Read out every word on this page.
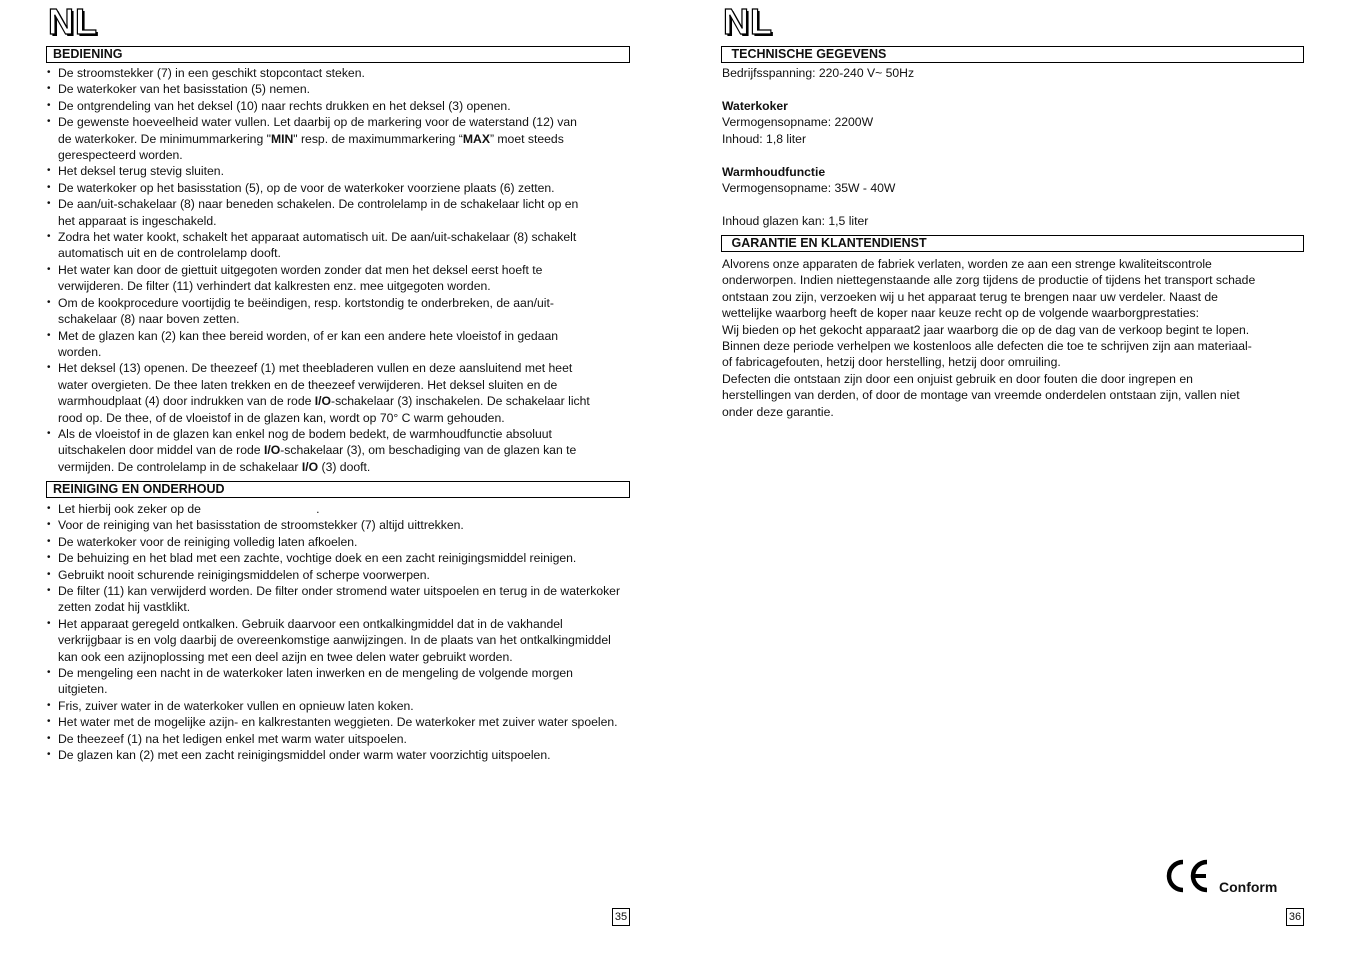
NL
BEDIENING
• De stroomstekker (7) in een geschikt stopcontact steken.
• De waterkoker van het basisstation (5) nemen.
• De ontgrendeling van het deksel (10) naar rechts drukken en het deksel (3) openen.
• De gewenste hoeveelheid water vullen. Let daarbij op de markering voor de waterstand (12) van
de waterkoker. De minimummarkering "MIN" resp. de maximummarkering “MAX” moet steeds
gerespecteerd worden.
• Het deksel terug stevig sluiten.
• De waterkoker op het basisstation (5), op de voor de waterkoker voorziene plaats (6) zetten.
• De aan/uit-schakelaar (8) naar beneden schakelen. De controlelamp in de schakelaar licht op en
het apparaat is ingeschakeld.
• Zodra het water kookt, schakelt het apparaat automatisch uit. De aan/uit-schakelaar (8) schakelt
automatisch uit en de controlelamp dooft.
• Het water kan door de giettuit uitgegoten worden zonder dat men het deksel eerst hoeft te
verwijderen. De filter (11) verhindert dat kalkresten enz. mee uitgegoten worden.
• Om de kookprocedure voortijdig te beëindigen, resp. kortstondig te onderbreken, de aan/uit-
schakelaar (8) naar boven zetten.
• Met de glazen kan (2) kan thee bereid worden, of er kan een andere hete vloeistof in gedaan
worden.
• Het deksel (13) openen. De theezeef (1) met theebladeren vullen en deze aansluitend met heet
water overgieten. De thee laten trekken en de theezeef verwijderen. Het deksel sluiten en de
warmhoudplaat (4) door indrukken van de rode I/O-schakelaar (3) inschakelen. De schakelaar licht
rood op. De thee, of de vloeistof in de glazen kan, wordt op 70° C warm gehouden.
• Als de vloeistof in de glazen kan enkel nog de bodem bedekt, de warmhoudfunctie absoluut
uitschakelen door middel van de rode I/O-schakelaar (3), om beschadiging van de glazen kan te
vermijden. De controlelamp in de schakelaar I/O (3) dooft.
REINIGING EN ONDERHOUD
• Let hierbij ook zeker op de                                  .
• Voor de reiniging van het basisstation de stroomstekker (7) altijd uittrekken.
• De waterkoker voor de reiniging volledig laten afkoelen.
• De behuizing en het blad met een zachte, vochtige doek en een zacht reinigingsmiddel reinigen.
• Gebruikt nooit schurende reinigingsmiddelen of scherpe voorwerpen.
• De filter (11) kan verwijderd worden. De filter onder stromend water uitspoelen en terug in de waterkoker zetten zodat hij vastklikt.
• Het apparaat geregeld ontkalken. Gebruik daarvoor een ontkalkingmiddel dat in de vakhandel verkrijgbaar is en volg daarbij de overeenkomstige aanwijzingen. In de plaats van het ontkalkingmiddel kan ook een azijnoplossing met een deel azijn en twee delen water gebruikt worden.
• De mengeling een nacht in de waterkoker laten inwerken en de mengeling de volgende morgen uitgieten.
• Fris, zuiver water in de waterkoker vullen en opnieuw laten koken.
• Het water met de mogelijke azijn- en kalkrestanten weggieten. De waterkoker met zuiver water spoelen.
• De theezeef (1) na het ledigen enkel met warm water uitspoelen.
• De glazen kan (2) met een zacht reinigingsmiddel onder warm water voorzichtig uitspoelen.
35
NL
TECHNISCHE GEGEVENS
Bedrijfsspanning: 220-240 V~ 50Hz
Waterkoker
Vermogensopname: 2200W
Inhoud: 1,8 liter
Warmhoudfunctie
Vermogensopname: 35W - 40W
Inhoud glazen kan: 1,5 liter
GARANTIE EN KLANTENDIENST

Alvorens onze apparaten de fabriek verlaten, worden ze aan een strenge kwaliteitscontrole

onderworpen. Indien niettegenstaande alle zorg tijdens de productie of tijdens het transport schade

ontstaan zou zijn, verzoeken wij u het apparaat terug te brengen naar uw verdeler. Naast de

wettelijke waarborg heeft de koper naar keuze recht op de volgende waarborgprestaties:

Wij bieden op het gekocht apparaat2 jaar waarborg die op de dag van de verkoop begint te lopen.

Binnen deze periode verhelpen we kostenloos alle defecten die toe te schrijven zijn aan materiaal-

of fabricagefouten, hetzij door herstelling, hetzij door omruiling.

Defecten die ontstaan zijn door een onjuist gebruik en door fouten die door ingrepen en

herstellingen van derden, of door de montage van vreemde onderdelen ontstaan zijn, vallen niet

onder deze garantie.

Conform
36
